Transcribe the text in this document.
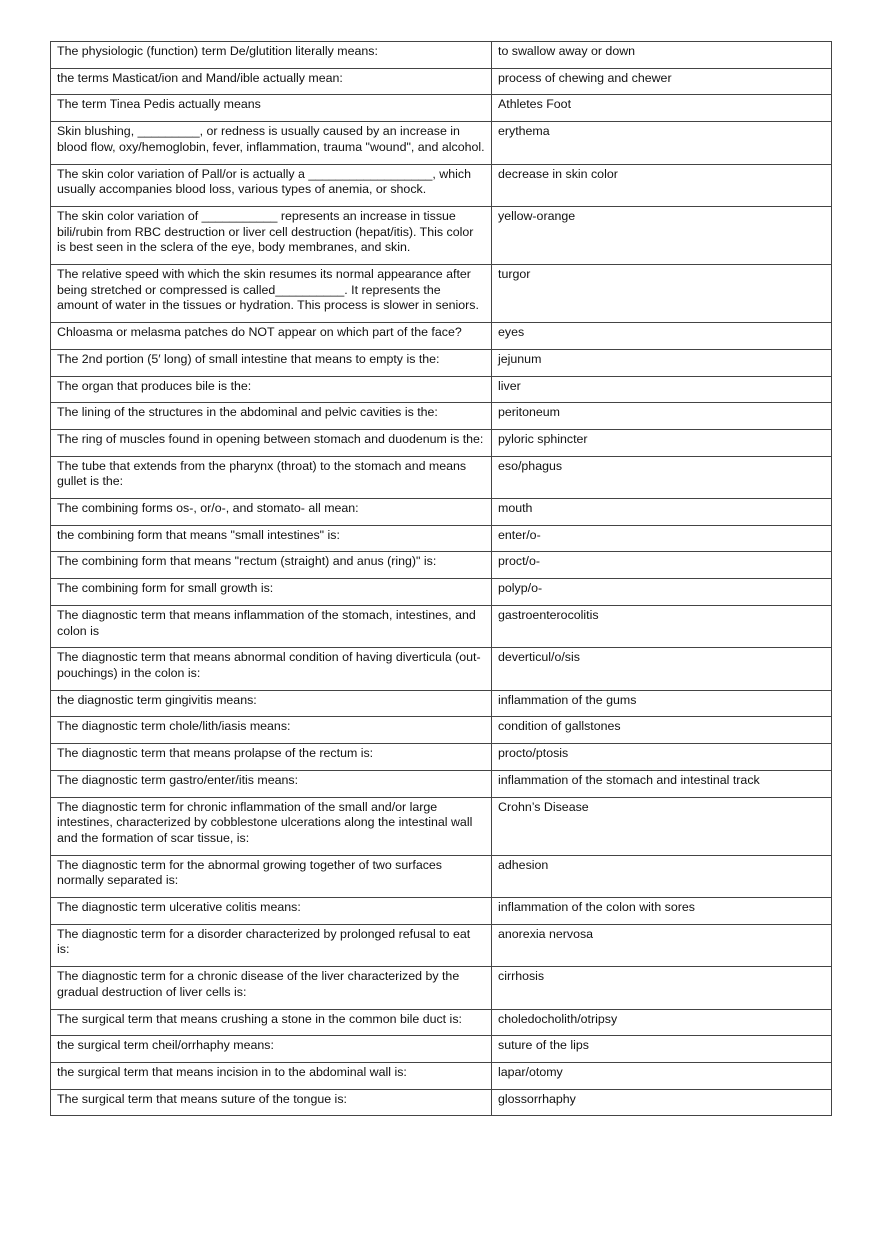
The physiologic (function) term De/glutition literally means:	to swallow away or down
the terms Masticat/ion and Mand/ible actually mean:	process of chewing and chewer
The term Tinea Pedis actually means	Athletes Foot
Skin blushing, _________, or redness is usually caused by an increase in blood flow, oxy/hemoglobin, fever, inflammation, trauma "wound", and alcohol.	erythema
The skin color variation of Pall/or is actually a __________________, which usually accompanies blood loss, various types of anemia, or shock.	decrease in skin color
The skin color variation of ___________ represents an increase in tissue bili/rubin from RBC destruction or liver cell destruction (hepat/itis). This color is best seen in the sclera of the eye, body membranes, and skin.	yellow-orange
The relative speed with which the skin resumes its normal appearance after being stretched or compressed is called__________. It represents the amount of water in the tissues or hydration. This process is slower in seniors.	turgor
Chloasma or melasma patches do NOT appear on which part of the face?	eyes
The 2nd portion (5′ long) of small intestine that means to empty is the:	jejunum
The organ that produces bile is the:	liver
The lining of the structures in the abdominal and pelvic cavities is the:	peritoneum
The ring of muscles found in opening between stomach and duodenum is the:	pyloric sphincter
The tube that extends from the pharynx (throat) to the stomach and means gullet is the:	eso/phagus
The combining forms os-, or/o-, and stomato- all mean:	mouth
the combining form that means "small intestines" is:	enter/o-
The combining form that means "rectum (straight) and anus (ring)" is:	proct/o-
The combining form for small growth is:	polyp/o-
The diagnostic term that means inflammation of the stomach, intestines, and colon is	gastroenterocolitis
The diagnostic term that means abnormal condition of having diverticula (out-pouchings) in the colon is:	deverticul/o/sis
the diagnostic term gingivitis means:	inflammation of the gums
The diagnostic term chole/lith/iasis means:	condition of gallstones
The diagnostic term that means prolapse of the rectum is:	procto/ptosis
The diagnostic term gastro/enter/itis means:	inflammation of the stomach and intestinal track
The diagnostic term for chronic inflammation of the small and/or large intestines, characterized by cobblestone ulcerations along the intestinal wall and the formation of scar tissue, is:	Crohn’s Disease
The diagnostic term for the abnormal growing together of two surfaces normally separated is:	adhesion
The diagnostic term ulcerative colitis means:	inflammation of the colon with sores
The diagnostic term for a disorder characterized by prolonged refusal to eat is:	anorexia nervosa
The diagnostic term for a chronic disease of the liver characterized by the gradual destruction of liver cells is:	cirrhosis
The surgical term that means crushing a stone in the common bile duct is:	choledocholith/otripsy
the surgical term cheil/orrhaphy means:	suture of the lips
the surgical term that means incision in to the abdominal wall is:	lapar/otomy
The surgical term that means suture of the tongue is:	glossorrhaphy
